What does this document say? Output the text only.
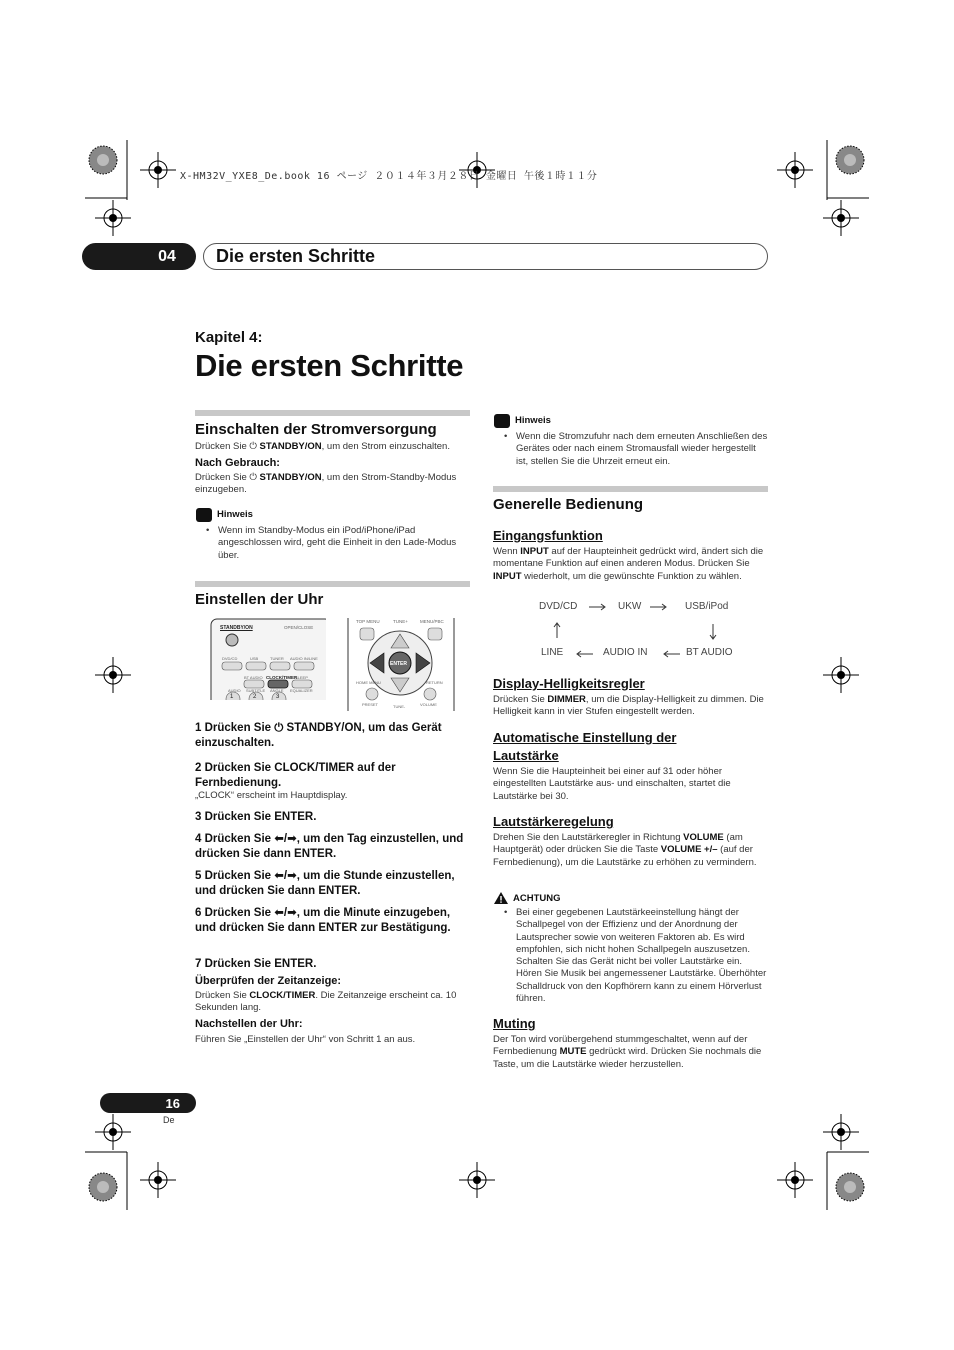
X-HM32V_YXE8_De.book 16 ページ ２０１４年３月２８日 金曜日 午後１時１１分
04	Die ersten Schritte
Kapitel 4:
Die ersten Schritte
Einschalten der Stromversorgung
Drücken Sie ⏻ STANDBY/ON, um den Strom einzuschalten.
Nach Gebrauch:
Drücken Sie ⏻ STANDBY/ON, um den Strom-Standby-Modus einzugeben.
Hinweis
• Wenn im Standby-Modus ein iPod/iPhone/iPad angeschlossen wird, geht die Einheit in den Lade-Modus über.
Einstellen der Uhr
STANDBY/ON	OPEN/CLOSE
DVD/CD	USB	TUNER AUDIO IN/LINE
BT AUDIO CLOCK/TIMER
SLEEP
AUDIO SUBTITLE ANGLE EQUALIZER
1	2	3
TOP MENU	TUNE+	MENU/PBC
ENTER
HOME MENU	RETURN
PRESET	TUNE-	VOLUME
1 Drücken Sie ⏻ STANDBY/ON, um das Gerät einzuschalten.
2 Drücken Sie CLOCK/TIMER auf der Fernbedienung.
„CLOCK“ erscheint im Hauptdisplay.
3 Drücken Sie ENTER.
4 Drücken Sie ⬅/➡, um den Tag einzustellen, und drücken Sie dann ENTER.
5 Drücken Sie ⬅/➡, um die Stunde einzustellen, und drücken Sie dann ENTER.
6 Drücken Sie ⬅/➡, um die Minute einzugeben, und drücken Sie dann ENTER zur Bestätigung.
7 Drücken Sie ENTER.
Überprüfen der Zeitanzeige:
Drücken Sie CLOCK/TIMER. Die Zeitanzeige erscheint ca. 10 Sekunden lang.
Nachstellen der Uhr:
Führen Sie „Einstellen der Uhr“ von Schritt 1 an aus.
Hinweis
• Wenn die Stromzufuhr nach dem erneuten Anschließen des Gerätes oder nach einem Stromausfall wieder hergestellt ist, stellen Sie die Uhrzeit erneut ein.
Generelle Bedienung
Eingangsfunktion
Wenn INPUT auf der Haupteinheit gedrückt wird, ändert sich die momentane Funktion auf einen anderen Modus. Drücken Sie INPUT wiederholt, um die gewünschte Funktion zu wählen.
DVD/CD	UKW	USB/iPod
LINE	AUDIO IN	BT AUDIO
Display-Helligkeitsregler
Drücken Sie DIMMER, um die Display-Helligkeit zu dimmen. Die Helligkeit kann in vier Stufen eingestellt werden.
Automatische Einstellung der
Lautstärke
Wenn Sie die Haupteinheit bei einer auf 31 oder höher eingestellten Lautstärke aus- und einschalten, startet die Lautstärke bei 30.
Lautstärkeregelung
Drehen Sie den Lautstärkeregler in Richtung VOLUME (am Hauptgerät) oder drücken Sie die Taste VOLUME +/– (auf der Fernbedienung), um die Lautstärke zu erhöhen zu vermindern.
ACHTUNG
• Bei einer gegebenen Lautstärkeeinstellung hängt der Schallpegel von der Effizienz und der Anordnung der Lautsprecher sowie von weiteren Faktoren ab. Es wird empfohlen, sich nicht hohen Schallpegeln auszusetzen. Schalten Sie das Gerät nicht bei voller Lautstärke ein. Hören Sie Musik bei angemessener Lautstärke. Überhöhter Schalldruck von den Kopfhörern kann zu einem Hörverlust führen.
Muting
Der Ton wird vorübergehend stummgeschaltet, wenn auf der Fernbedienung MUTE gedrückt wird. Drücken Sie nochmals die Taste, um die Lautstärke wieder herzustellen.
16
De
